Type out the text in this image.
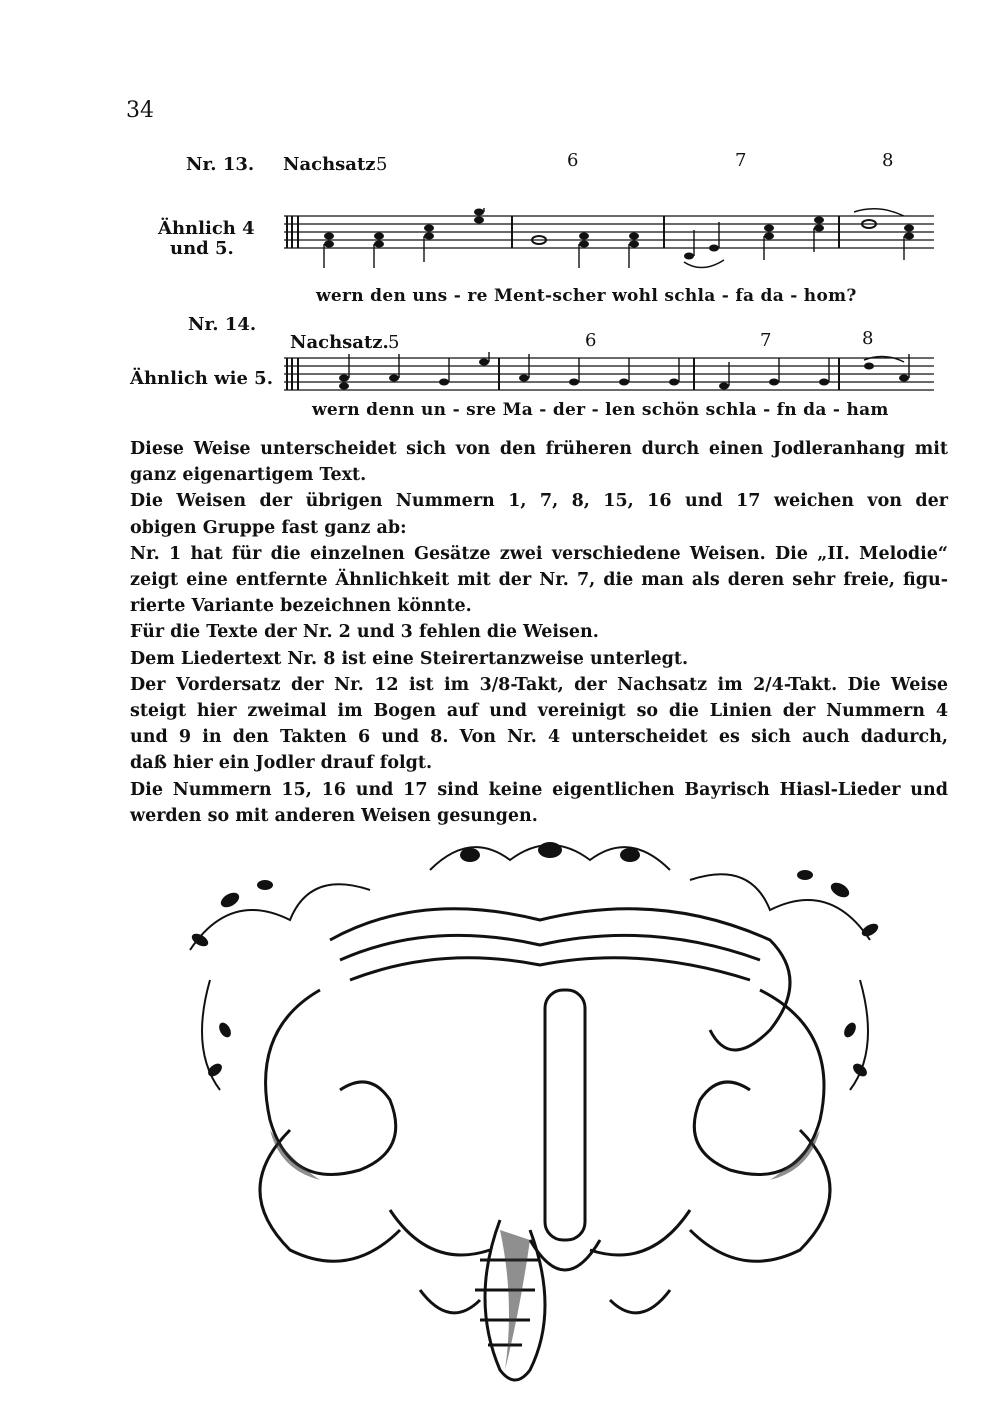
34
Nr. 13. Nachsatz 5	6	7	8
Ähnlich 4
und 5.
wern den uns - re Ment-scher wohl schla - fa da - hom?
Nr. 14.
Nachsatz. 5	6	7	8
Ähnlich wie 5.
wern denn un - sre Ma - der - len schön schla - fn da - ham

Diese Weise unterscheidet sich von den früheren durch einen Jodleranhang mit
ganz eigenartigem Text.

Die Weisen der übrigen Nummern 1, 7, 8, 15, 16 und 17 weichen von der
obigen Gruppe fast ganz ab:

Nr. 1 hat für die einzelnen Gesätze zwei verschiedene Weisen. Die „II. Melodie“
zeigt eine entfernte Ähnlichkeit mit der Nr. 7, die man als deren sehr freie, figu-
rierte Variante bezeichnen könnte.

Für die Texte der Nr. 2 und 3 fehlen die Weisen.

Dem Liedertext Nr. 8 ist eine Steirertanzweise unterlegt.

Der Vordersatz der Nr. 12 ist im 3/8-Takt, der Nachsatz im 2/4-Takt. Die Weise
steigt hier zweimal im Bogen auf und vereinigt so die Linien der Nummern 4
und 9 in den Takten 6 und 8. Von Nr. 4 unterscheidet es sich auch dadurch,
daß hier ein Jodler drauf folgt.

Die Nummern 15, 16 und 17 sind keine eigentlichen Bayrisch Hiasl-Lieder und
werden so mit anderen Weisen gesungen.
